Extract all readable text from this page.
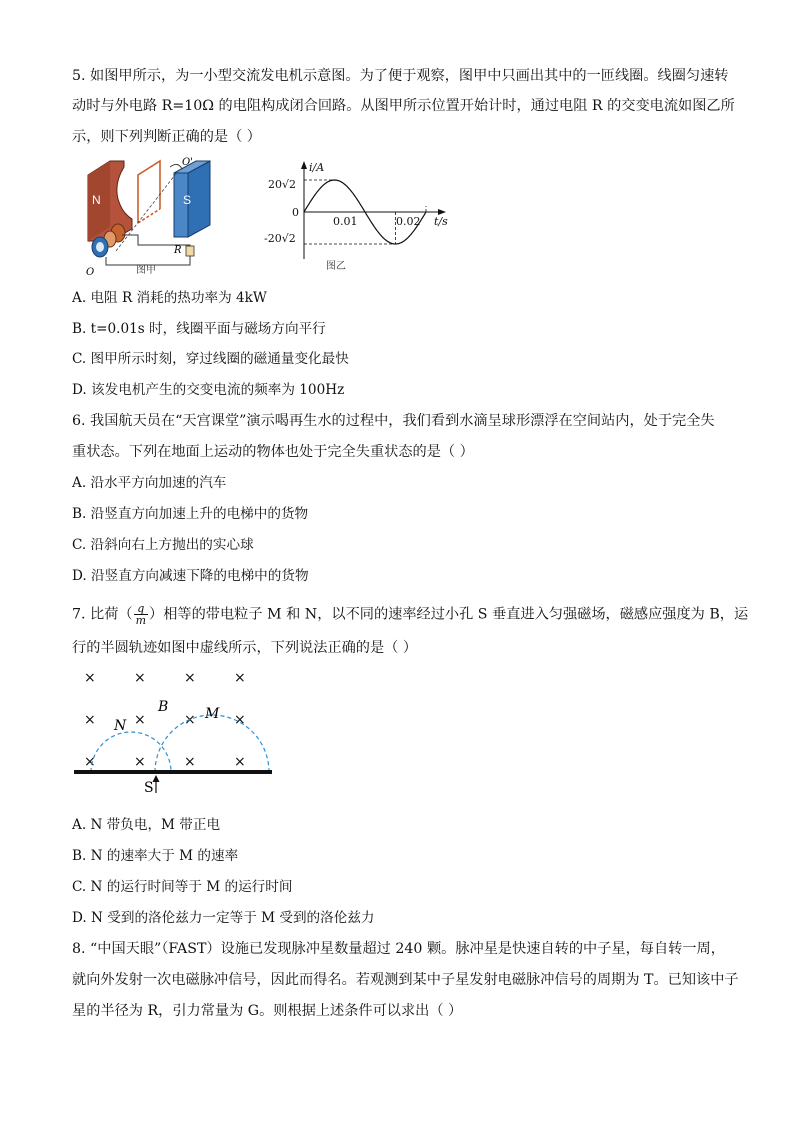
5. 如图甲所示，为一小型交流发电机示意图。为了便于观察，图甲中只画出其中的一匝线圈。线圈匀速转
动时与外电路 R=10Ω 的电阻构成闭合回路。从图甲所示位置开始计时，通过电阻 R 的交变电流如图乙所
示，则下列判断正确的是（ ）
N	S
O'
R
O	图甲
i/A
t/s
0
20√2
-20√2
0.01	0.02
图乙
A. 电阻 R 消耗的热功率为 4kW
B. t=0.01s 时，线圈平面与磁场方向平行
C. 图甲所示时刻，穿过线圈的磁通量变化最快
D. 该发电机产生的交变电流的频率为 100Hz
6. 我国航天员在“天宫课堂”演示喝再生水的过程中，我们看到水滴呈球形漂浮在空间站内，处于完全失
重状态。下列在地面上运动的物体也处于完全失重状态的是（ ）
A. 沿水平方向加速的汽车
B. 沿竖直方向加速上升的电梯中的货物
C. 沿斜向右上方抛出的实心球
D. 沿竖直方向减速下降的电梯中的货物
7. 比荷（ $\frac{q}{m}$ ）相等的带电粒子 M 和 N，以不同的速率经过小孔 S 垂直进入匀强磁场，磁感应强度为 B，运
行的半圆轨迹如图中虚线所示，下列说法正确的是（ ）
×	×	×	×
×	×	×	×
×	×	×	×
N
B	M
S
A. N 带负电，M 带正电
B. N 的速率大于 M 的速率
C. N 的运行时间等于 M 的运行时间
D. N 受到的洛伦兹力一定等于 M 受到的洛伦兹力
8. “中国天眼”（FAST）设施已发现脉冲星数量超过 240 颗。脉冲星是快速自转的中子星，每自转一周，
就向外发射一次电磁脉冲信号，因此而得名。若观测到某中子星发射电磁脉冲信号的周期为 T。已知该中子
星的半径为 R，引力常量为 G。则根据上述条件可以求出（ ）
